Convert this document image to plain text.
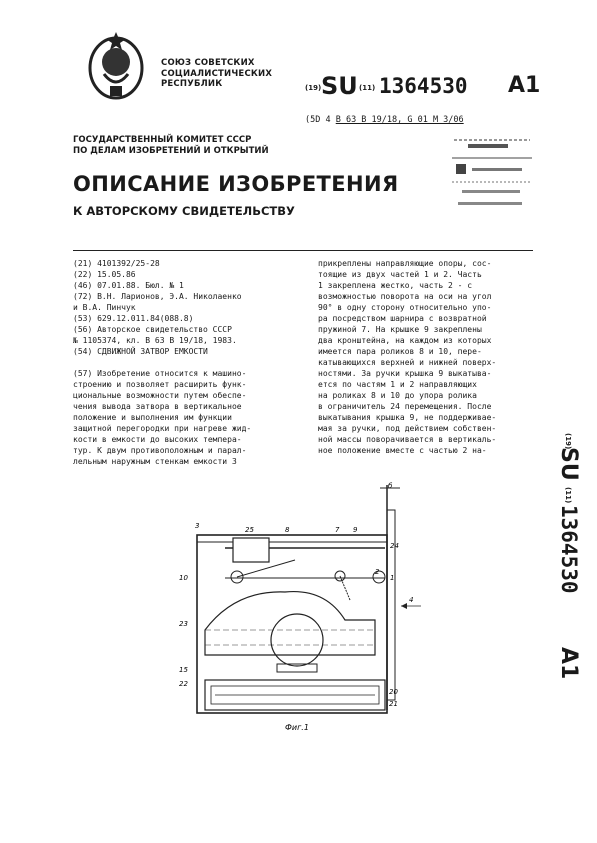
СОЮЗ СОВЕТСКИХ
СОЦИАЛИСТИЧЕСКИХ
РЕСПУБЛИК	(19) SU (11) 1364530 A1
(5D 4 B 63 B 19/18, G 01 M 3/06
ГОСУДАРСТВЕННЫЙ КОМИТЕТ СССР
ПО ДЕЛАМ ИЗОБРЕТЕНИЙ И ОТКРЫТИЙ
ОПИСАНИЕ ИЗОБРЕТЕНИЯ
К АВТОРСКОМУ СВИДЕТЕЛЬСТВУ
(21) 4101392/25-28
(22) 15.05.86
(46) 07.01.88. Бюл. № 1
(72) В.Н. Ларионов, Э.А. Николаенко
и В.А. Пинчук
(53) 629.12.011.84(088.8)
(56) Авторское свидетельство СССР
№ 1105374, кл. B 63 B 19/18, 1983.
(54) СДВИЖНОЙ ЗАТВОР ЕМКОСТИ
(57) Изобретение относится к машино-
строению и позволяет расширить функ-
циональные возможности путем обеспе-
чения вывода затвора в вертикальное
положение и выполнения им функции
защитной перегородки при нагреве жид-
кости в емкости до высоких темпера-
тур. К двум противоположным и парал-
лельным наружным стенкам емкости 3
прикреплены направляющие опоры, сос-
тоящие из двух частей 1 и 2. Часть
1 закреплена жестко, часть 2 - с
возможностью поворота на оси на угол
90° в одну сторону относительно упо-
ра посредством шарнира с возвратной
пружиной 7. На крышке 9 закреплены
два кронштейна, на каждом из которых
имеется пара роликов 8 и 10, пере-
катывающихся верхней и нижней поверх-
ностями. За ручки крышка 9 выкатыва-
ется по частям 1 и 2 направляющих
на роликах 8 и 10 до упора ролика
в ограничитель 24 перемещения. После
выкатывания крышка 9, не поддерживае-
мая за ручки, под действием собствен-
ной массы поворачивается в вертикаль-
ное положение вместе с частью 2 на-
(19)
SU
(11)
1364530
A1
3	25	8	7 9
2
24
б
10	1
23
15
22
20
21
4
Фиг.1
